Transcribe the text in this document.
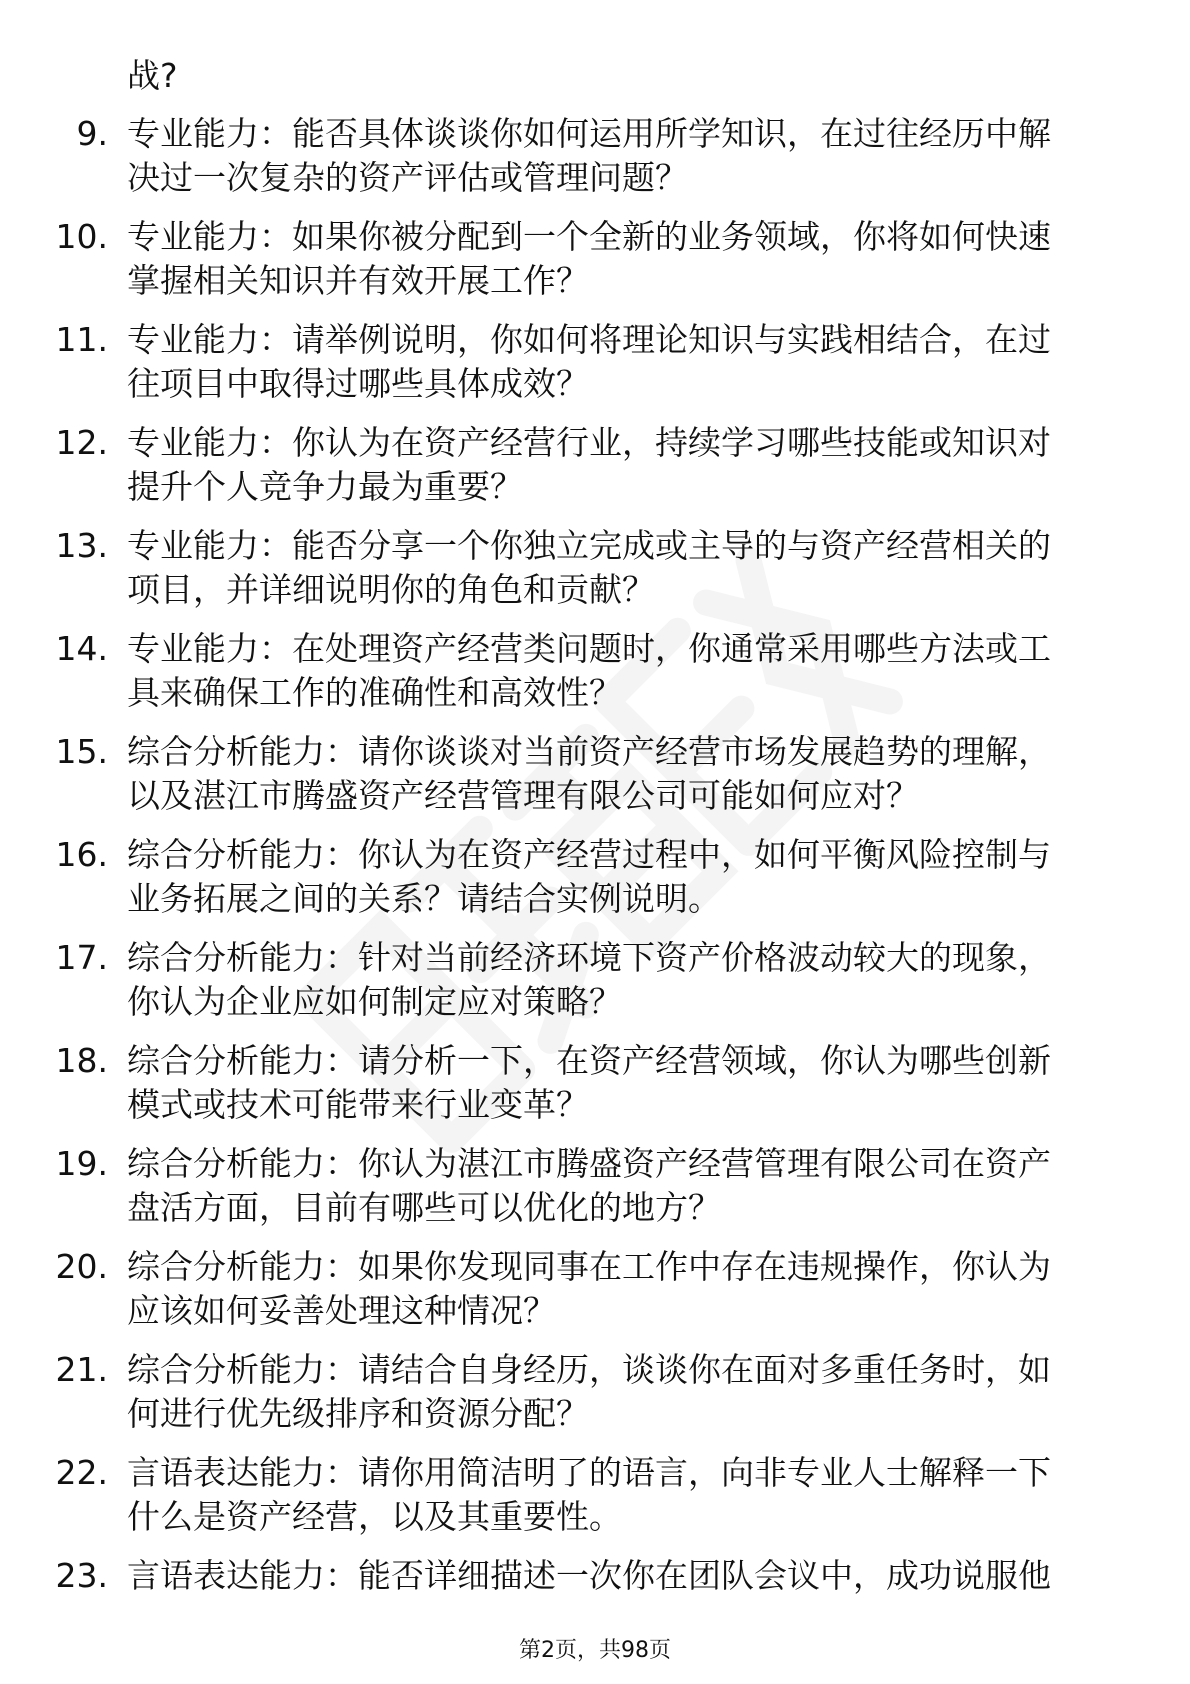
战?
9. 专业能力：能否具体谈谈你如何运用所学知识，在过往经历中解
决过一次复杂的资产评估或管理问题？
10. 专业能力：如果你被分配到一个全新的业务领域，你将如何快速
掌握相关知识并有效开展工作？
11. 专业能力：请举例说明，你如何将理论知识与实践相结合，在过
往项目中取得过哪些具体成效？
12. 专业能力：你认为在资产经营行业，持续学习哪些技能或知识对
提升个人竞争力最为重要？
13. 专业能力：能否分享一个你独立完成或主导的与资产经营相关的
项目，并详细说明你的角色和贡献？
14. 专业能力：在处理资产经营类问题时，你通常采用哪些方法或工
具来确保工作的准确性和高效性？
15. 综合分析能力：请你谈谈对当前资产经营市场发展趋势的理解，
以及湛江市腾盛资产经营管理有限公司可能如何应对？
16. 综合分析能力：你认为在资产经营过程中，如何平衡风险控制与
业务拓展之间的关系？请结合实例说明。
17. 综合分析能力：针对当前经济环境下资产价格波动较大的现象，
你认为企业应如何制定应对策略？
18. 综合分析能力：请分析一下，在资产经营领域，你认为哪些创新
模式或技术可能带来行业变革？
19. 综合分析能力：你认为湛江市腾盛资产经营管理有限公司在资产
盘活方面，目前有哪些可以优化的地方？
20. 综合分析能力：如果你发现同事在工作中存在违规操作，你认为
应该如何妥善处理这种情况？
21. 综合分析能力：请结合自身经历，谈谈你在面对多重任务时，如
何进行优先级排序和资源分配？
22. 言语表达能力：请你用简洁明了的语言，向非专业人士解释一下
什么是资产经营，以及其重要性。
23. 言语表达能力：能否详细描述一次你在团队会议中，成功说服他
第2页，共98页
